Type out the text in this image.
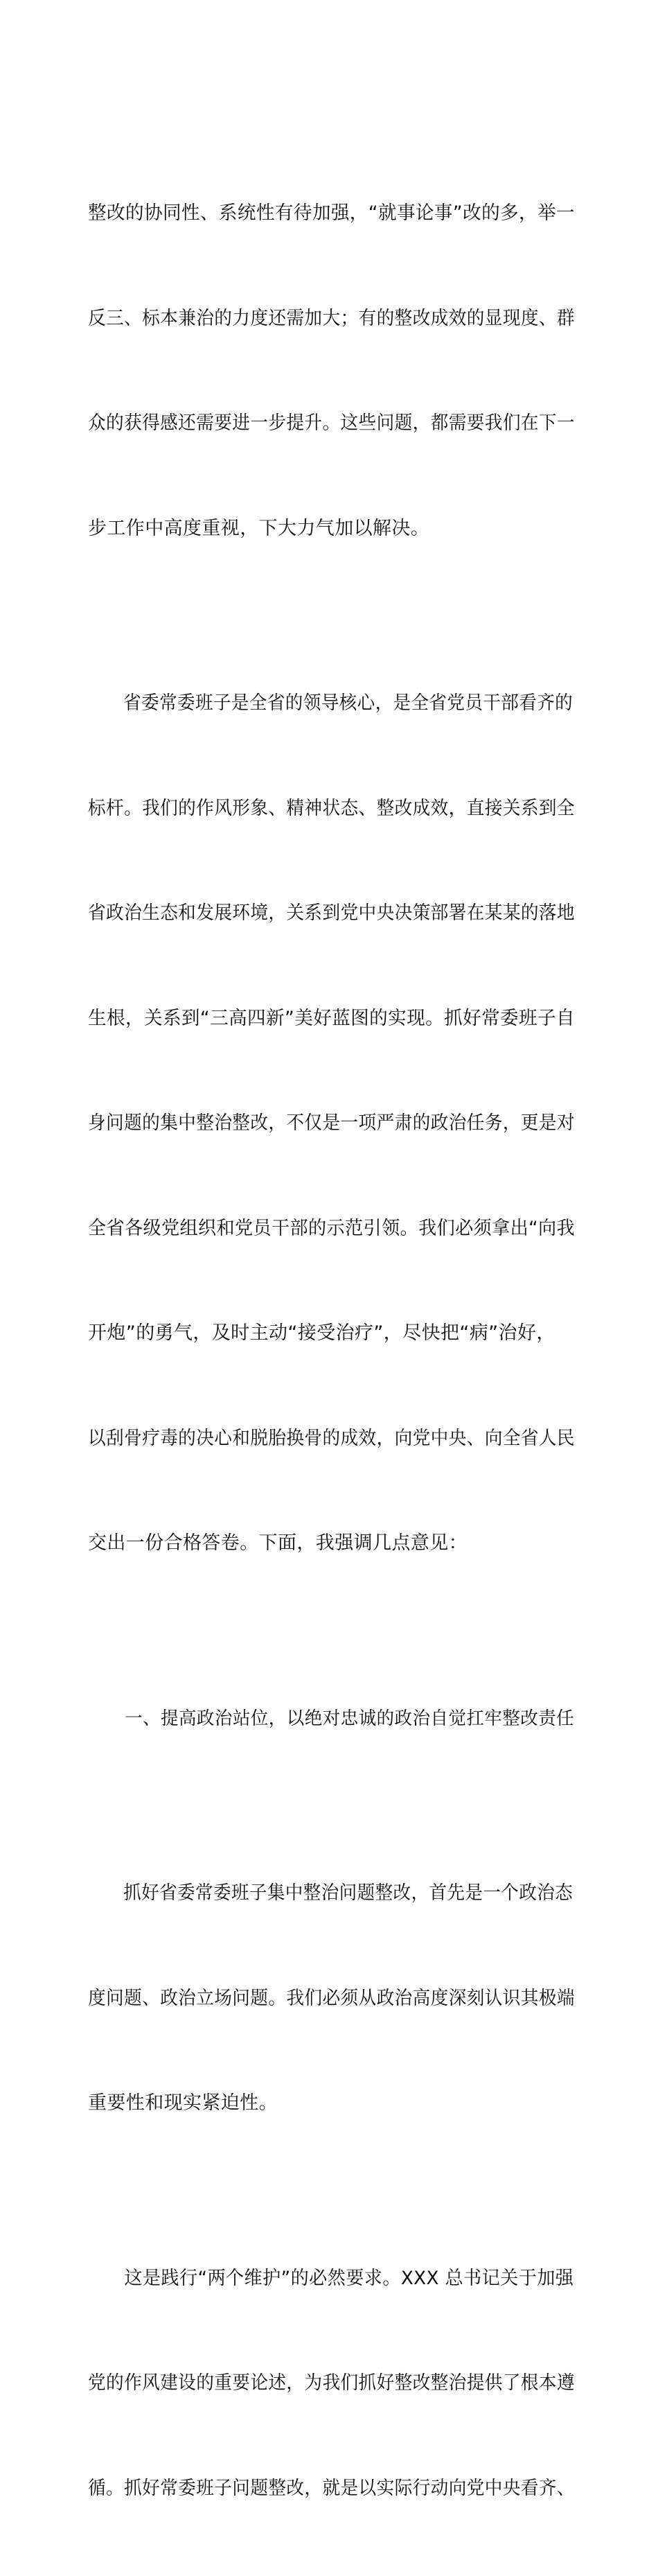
整改的协同性、系统性有待加强，“就事论事”改的多，举一

反三、标本兼治的力度还需加大；有的整改成效的显现度、群

众的获得感还需要进一步提升。这些问题，都需要我们在下一

步工作中高度重视，下大力气加以解决。

省委常委班子是全省的领导核心，是全省党员干部看齐的

标杆。我们的作风形象、精神状态、整改成效，直接关系到全

省政治生态和发展环境，关系到党中央决策部署在某某的落地

生根，关系到“三高四新”美好蓝图的实现。抓好常委班子自

身问题的集中整治整改，不仅是一项严肃的政治任务，更是对

全省各级党组织和党员干部的示范引领。我们必须拿出“向我

开炮”的勇气，及时主动“接受治疗”，尽快把“病”治好，

以刮骨疗毒的决心和脱胎换骨的成效，向党中央、向全省人民

交出一份合格答卷。下面，我强调几点意见：

一、提高政治站位，以绝对忠诚的政治自觉扛牢整改责任

抓好省委常委班子集中整治问题整改，首先是一个政治态

度问题、政治立场问题。我们必须从政治高度深刻认识其极端

重要性和现实紧迫性。

这是践行“两个维护”的必然要求。XXX 总书记关于加强

党的作风建设的重要论述，为我们抓好整改整治提供了根本遵

循。抓好常委班子问题整改，就是以实际行动向党中央看齐、
